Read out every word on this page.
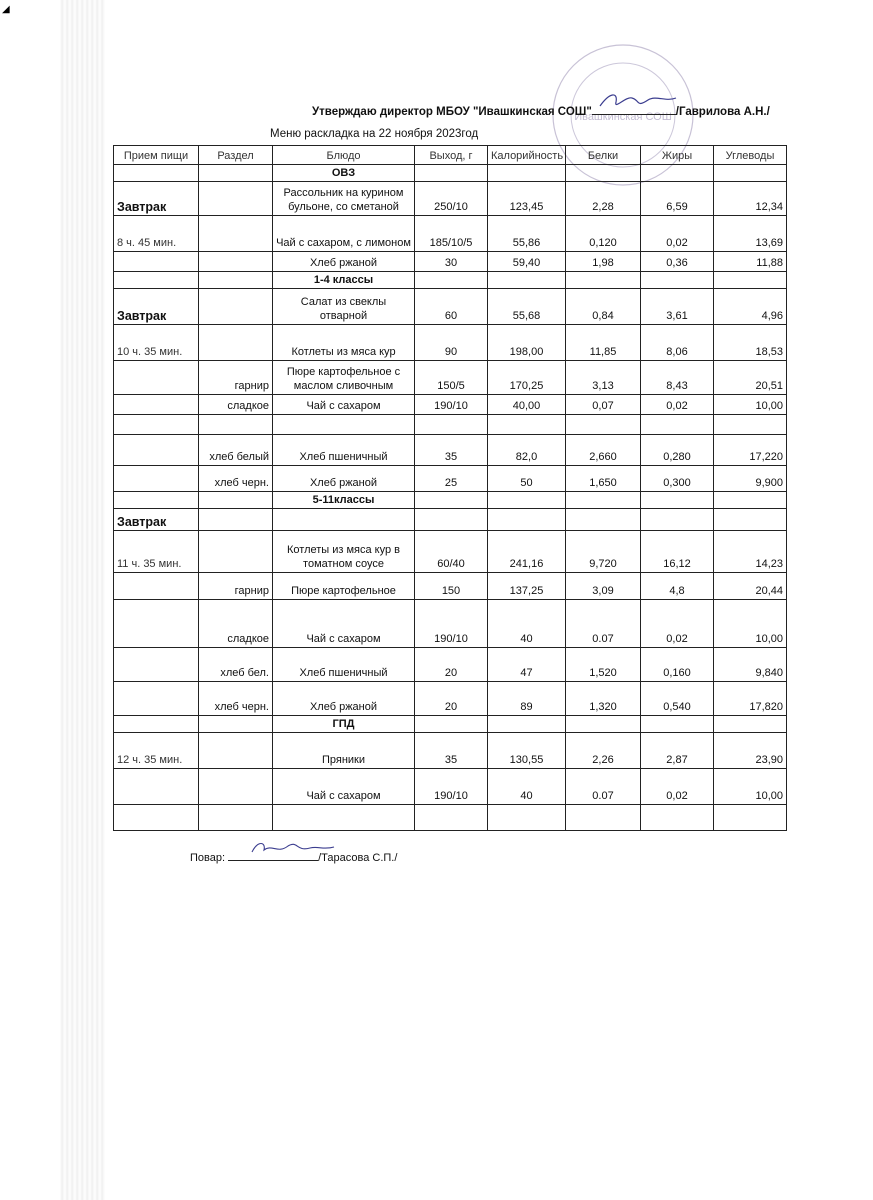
◢
Ивашкинская СОШ
Утверждаю директор МБОУ "Ивашкинская СОШ"	/Гаврилова А.Н./
Меню раскладка на 22 ноября 2023год
Прием пищи	Раздел	Блюдо	Выход, г	Калорийность	Белки	Жиры	Углеводы
		ОВЗ					
Завтрак		Рассольник на курином бульоне, со сметаной	250/10	123,45	2,28	6,59	12,34
8 ч. 45 мин.		Чай с сахаром, с лимоном	185/10/5	55,86	0,120	0,02	13,69
		Хлеб ржаной	30	59,40	1,98	0,36	11,88
		1-4 классы					
Завтрак		Салат из свеклы отварной	60	55,68	0,84	3,61	4,96
10 ч. 35 мин.		Котлеты из мяса кур	90	198,00	11,85	8,06	18,53
	гарнир	Пюре картофельное с маслом сливочным	150/5	170,25	3,13	8,43	20,51
	сладкое	Чай с сахаром	190/10	40,00	0,07	0,02	10,00

	хлеб белый	Хлеб пшеничный	35	82,0	2,660	0,280	17,220
	хлеб черн.	Хлеб ржаной	25	50	1,650	0,300	9,900
		5-11классы					
Завтрак							
11 ч. 35 мин.		Котлеты из мяса кур в томатном соусе	60/40	241,16	9,720	16,12	14,23
	гарнир	Пюре картофельное	150	137,25	3,09	4,8	20,44
	сладкое	Чай с сахаром	190/10	40	0.07	0,02	10,00
	хлеб бел.	Хлеб пшеничный	20	47	1,520	0,160	9,840
	хлеб черн.	Хлеб ржаной	20	89	1,320	0,540	17,820
		ГПД					
12 ч. 35 мин.		Пряники	35	130,55	2,26	2,87	23,90
		Чай с сахаром	190/10	40	0.07	0,02	10,00

Повар:	/Тарасова С.П./
